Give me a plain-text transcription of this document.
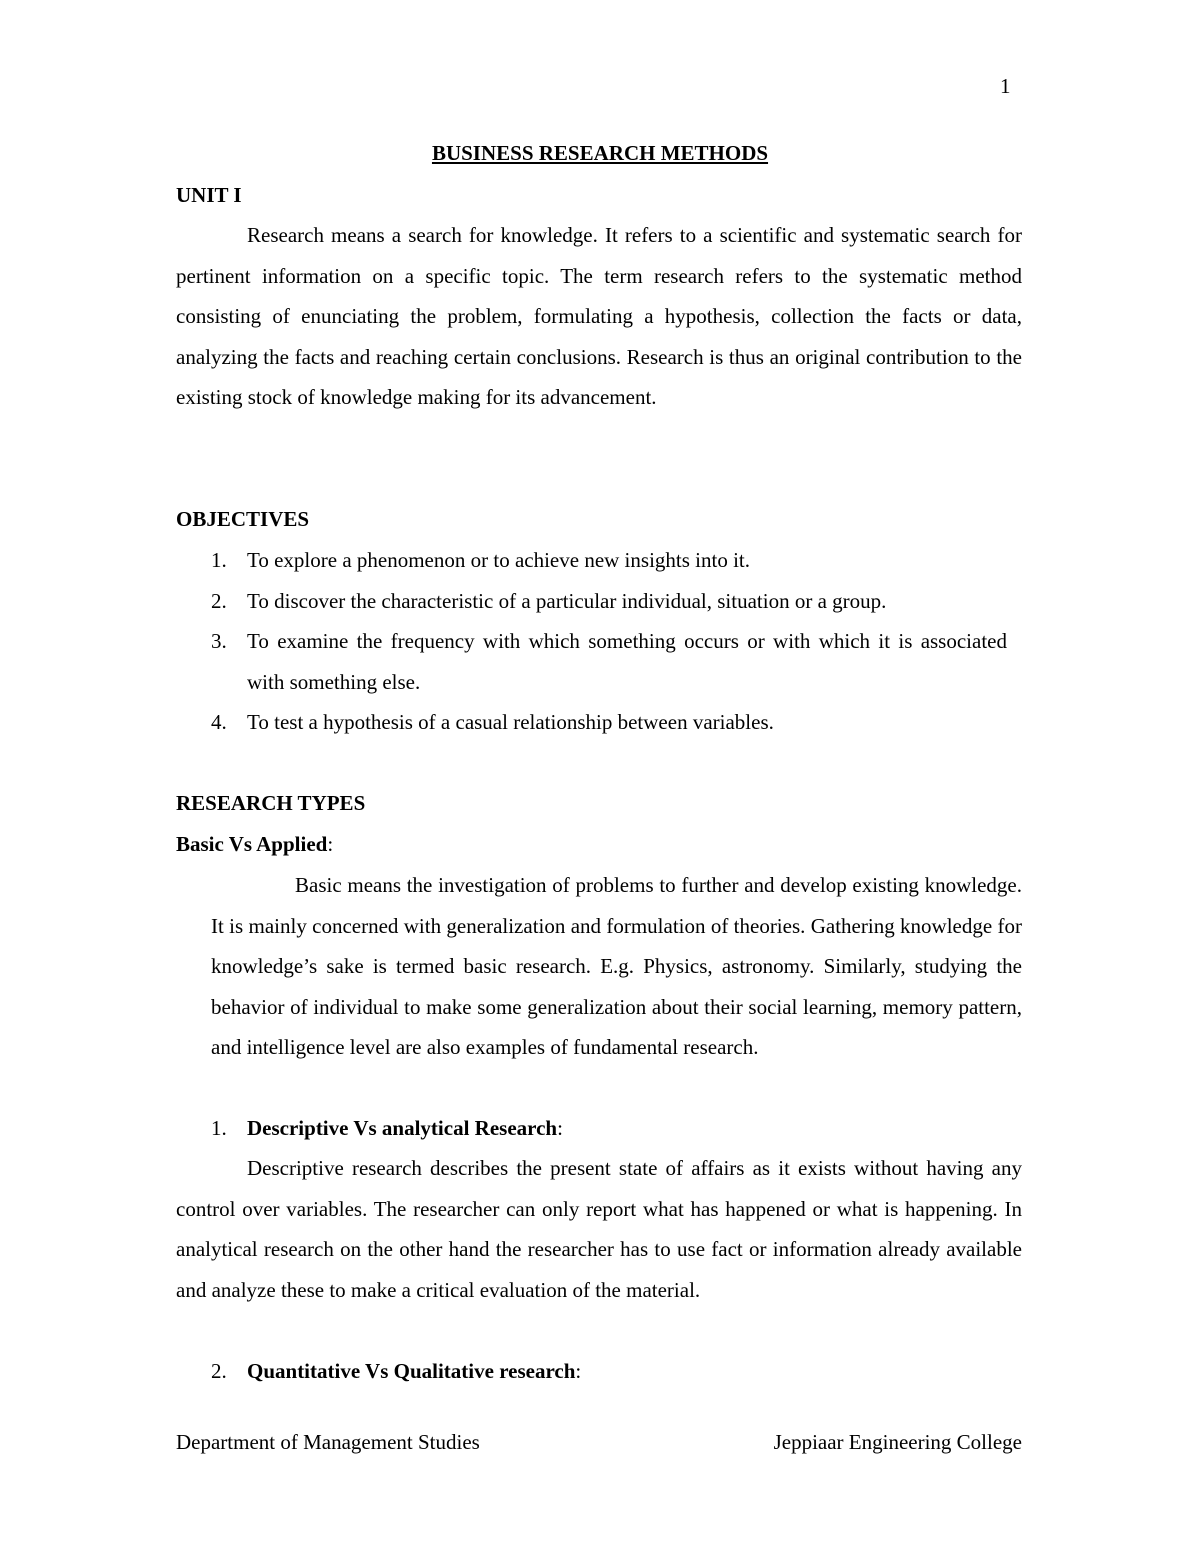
1
BUSINESS RESEARCH METHODS
UNIT I
Research means a search for knowledge. It refers to a scientific and systematic search for pertinent information on a specific topic. The term research refers to the systematic method consisting of enunciating the problem, formulating a hypothesis, collection the facts or data, analyzing the facts and reaching certain conclusions. Research is thus an original contribution to the existing stock of knowledge making for its advancement.
OBJECTIVES
1. To explore a phenomenon or to achieve new insights into it.
2. To discover the characteristic of a particular individual, situation or a group.
3. To examine the frequency with which something occurs or with which it is associated with something else.
4. To test a hypothesis of a casual relationship between variables.
RESEARCH TYPES
Basic Vs Applied:
Basic means the investigation of problems to further and develop existing knowledge. It is mainly concerned with generalization and formulation of theories. Gathering knowledge for knowledge’s sake is termed basic research. E.g. Physics, astronomy. Similarly, studying the behavior of individual to make some generalization about their social learning, memory pattern, and intelligence level are also examples of fundamental research.
1. Descriptive Vs analytical Research:
Descriptive research describes the present state of affairs as it exists without having any control over variables. The researcher can only report what has happened or what is happening. In analytical research on the other hand the researcher has to use fact or information already available and analyze these to make a critical evaluation of the material.
2. Quantitative Vs Qualitative research:
Department of Management Studies	Jeppiaar Engineering College
